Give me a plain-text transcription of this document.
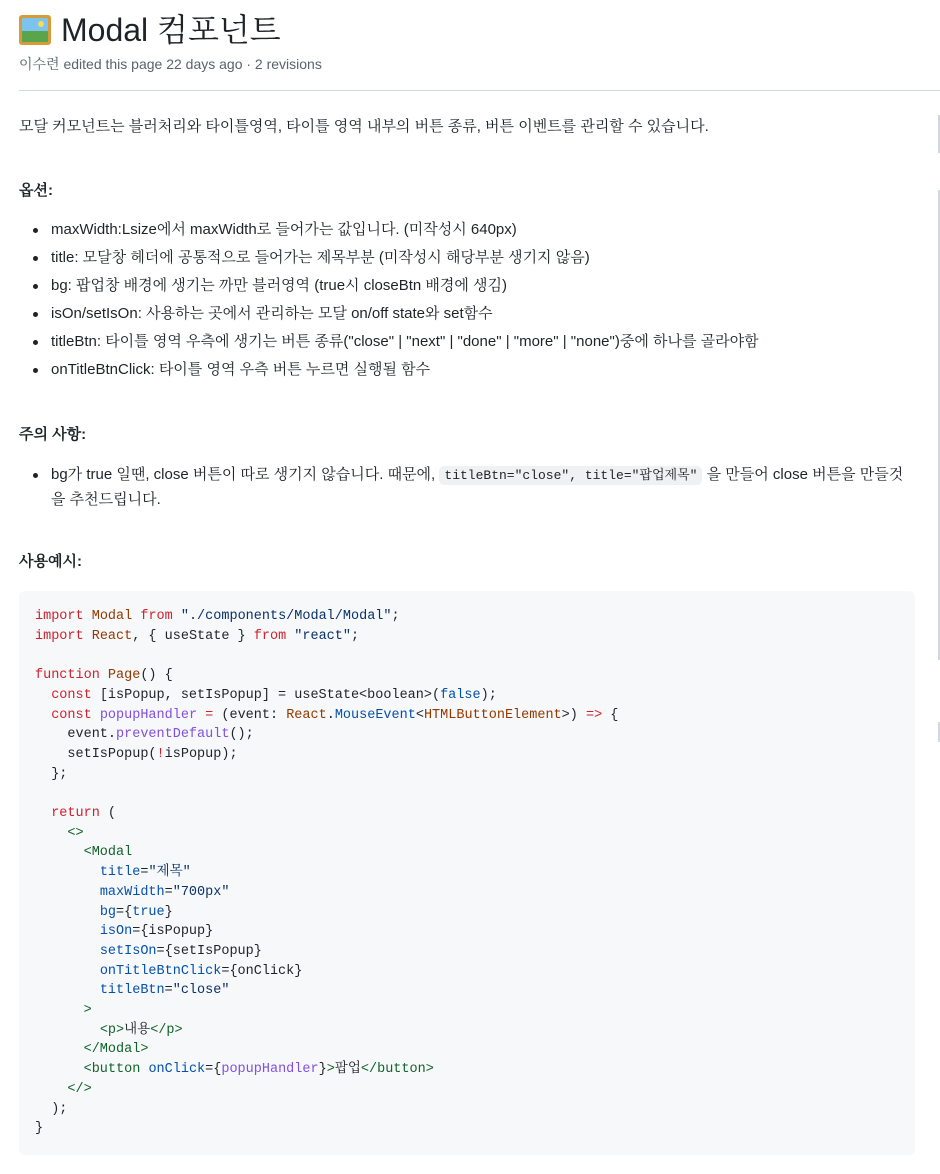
Modal 컴포넌트
이수련 edited this page 22 days ago · 2 revisions
모달 커모넌트는 블러처리와 타이틀영역, 타이틀 영역 내부의 버튼 종류, 버튼 이벤트를 관리할 수 있습니다.
옵션:
maxWidth:Lsize에서 maxWidth로 들어가는 값입니다. (미작성시 640px)
title: 모달창 헤더에 공통적으로 들어가는 제목부분 (미작성시 해당부분 생기지 않음)
bg: 팝업창 배경에 생기는 까만 블러영역 (true시 closeBtn 배경에 생김)
isOn/setIsOn: 사용하는 곳에서 관리하는 모달 on/off state와 set함수
titleBtn: 타이틀 영역 우측에 생기는 버튼 종류("close" | "next" | "done" | "more" | "none")중에 하나를 골라야함
onTitleBtnClick: 타이틀 영역 우측 버튼 누르면 실행될 함수
주의 사항:
bg가 true 일땐, close 버튼이 따로 생기지 않습니다. 때문에, titleBtn="close", title="팝업제목" 을 만들어 close 버튼을 만들것을 추천드립니다.
사용예시:
import Modal from "./components/Modal/Modal";
import React, { useState } from "react";

function Page() {
const [isPopup, setIsPopup] = useState<boolean>(false);
const popupHandler = (event: React.MouseEvent<HTMLButtonElement>) => {
event.preventDefault();
setIsPopup(!isPopup);
};

return (
<>
<Modal
title="제목"
maxWidth="700px"
bg={true}
isOn={isPopup}
setIsOn={setIsPopup}
onTitleBtnClick={onClick}
titleBtn="close"
>
<p>내용</p>
</Modal>
<button onClick={popupHandler}>팝업</button>
</>
);
}
